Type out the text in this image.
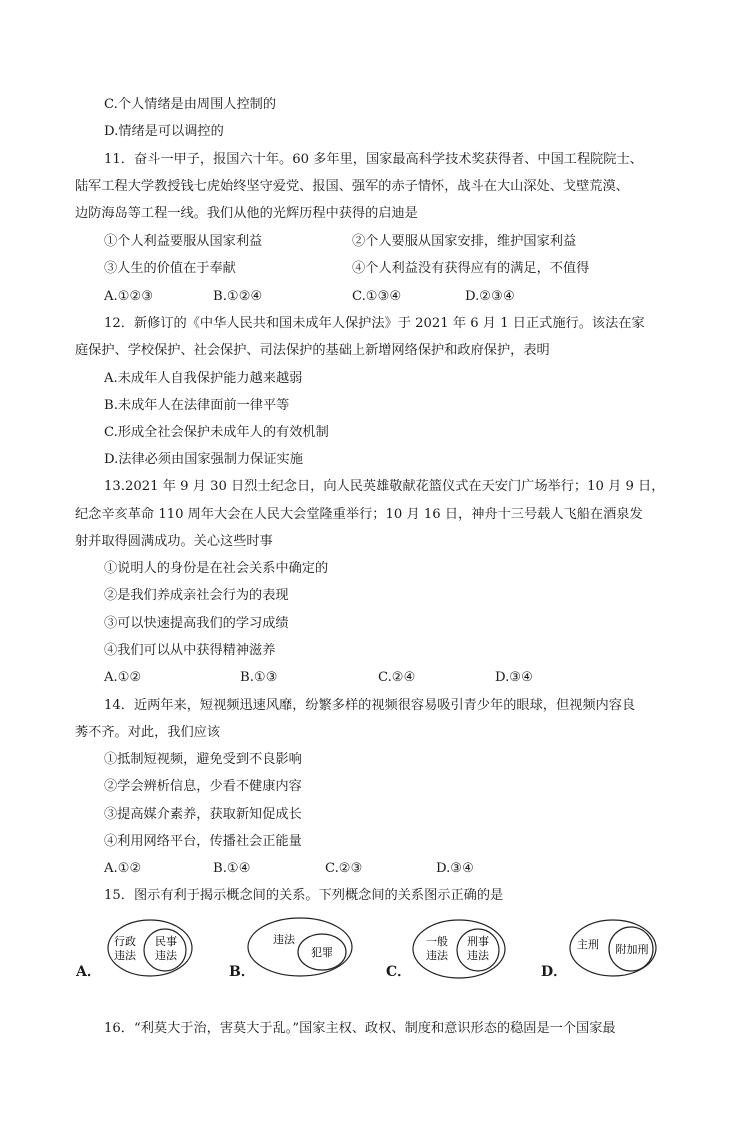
C.个人情绪是由周围人控制的
D.情绪是可以调控的
11．奋斗一甲子，报国六十年。60 多年里，国家最高科学技术奖获得者、中国工程院院士、
陆军工程大学教授钱七虎始终坚守爱党、报国、强军的赤子情怀，战斗在大山深处、戈壁荒漠、
边防海岛等工程一线。我们从他的光辉历程中获得的启迪是
①个人利益要服从国家利益	②个人要服从国家安排，维护国家利益
③人生的价值在于奉献	④个人利益没有获得应有的满足，不值得
A.①②③	B.①②④	C.①③④	D.②③④
12．新修订的《中华人民共和国未成年人保护法》于 2021 年 6 月 1 日正式施行。该法在家
庭保护、学校保护、社会保护、司法保护的基础上新增网络保护和政府保护，表明
A.未成年人自我保护能力越来越弱
B.未成年人在法律面前一律平等
C.形成全社会保护未成年人的有效机制
D.法律必须由国家强制力保证实施
13.2021 年 9 月 30 日烈士纪念日，向人民英雄敬献花篮仪式在天安门广场举行；10 月 9 日，
纪念辛亥革命 110 周年大会在人民大会堂隆重举行；10 月 16 日，神舟十三号载人飞船在酒泉发
射并取得圆满成功。关心这些时事
①说明人的身份是在社会关系中确定的
②是我们养成亲社会行为的表现
③可以快速提高我们的学习成绩
④我们可以从中获得精神滋养
A.①②	B.①③	C.②④	D.③④
14．近两年来，短视频迅速风靡，纷繁多样的视频很容易吸引青少年的眼球，但视频内容良
莠不齐。对此，我们应该
①抵制短视频，避免受到不良影响
②学会辨析信息，少看不健康内容
③提高媒介素养，获取新知促成长
④利用网络平台，传播社会正能量
A.①②	B.①④	C.②③	D.③④
15．图示有利于揭示概念间的关系。下列概念间的关系图示正确的是
A．	B．	C．	D．
行政
违法
民事
违法
违法
犯罪
一般
违法
刑事
违法
主刑 附加刑
16．“利莫大于治，害莫大于乱。”国家主权、政权、制度和意识形态的稳固是一个国家最
